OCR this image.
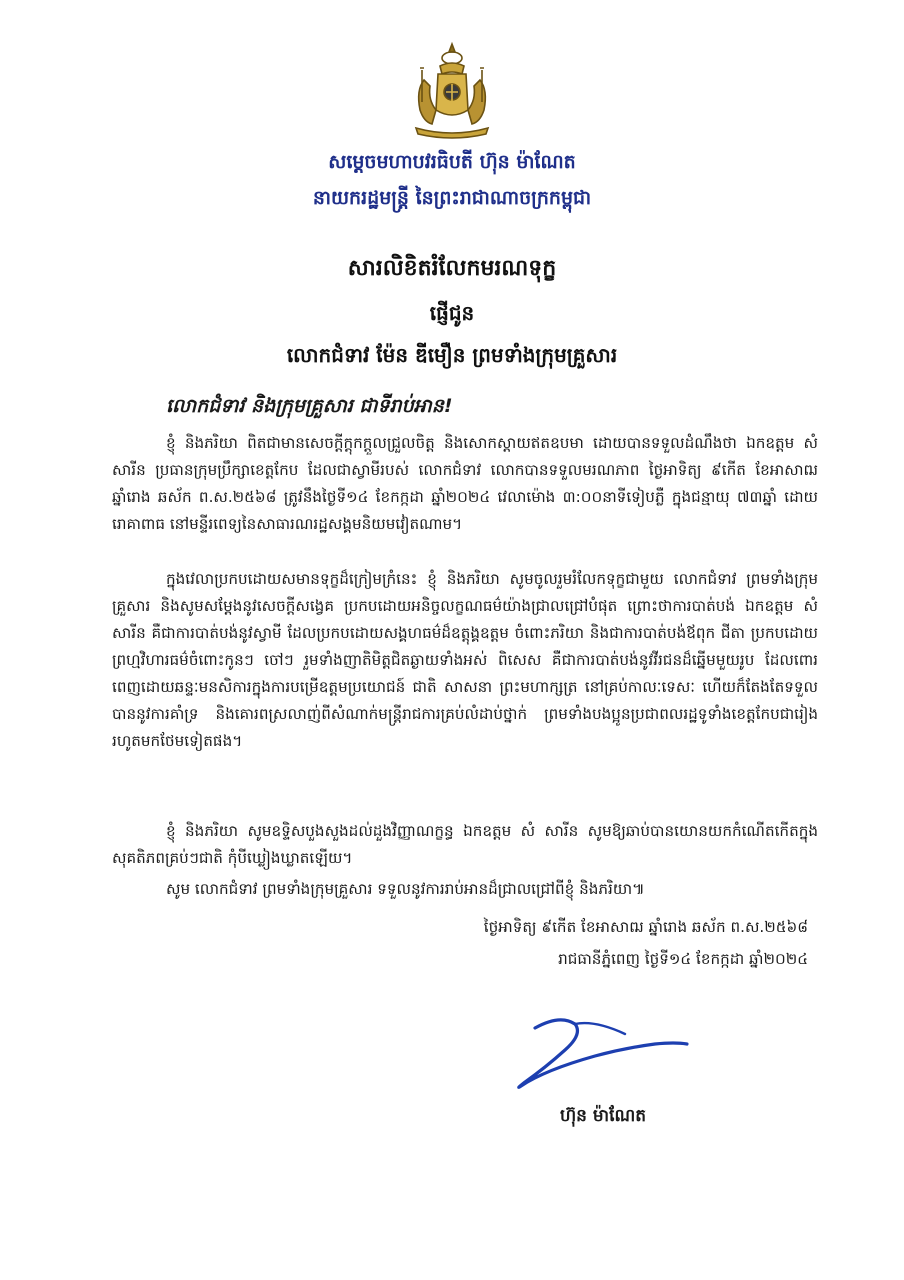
សម្តេចមហាបវរធិបតី ហ៊ុន ម៉ាណែត
នាយករដ្ឋមន្ត្រី នៃព្រះរាជាណាចក្រកម្ពុជា
សារលិខិតរំលែកមរណទុក្ខ
ផ្ញើជូន
លោកជំទាវ ម៉ែន ឌីមឿន ព្រមទាំងក្រុមគ្រួសារ
លោកជំទាវ និងក្រុមគ្រួសារ ជាទីរាប់អាន!

ខ្ញុំ និងភរិយា ពិតជាមានសេចក្តីក្តុកក្តួលជ្រួលចិត្ត និងសោកស្តាយឥតឧបមា ដោយបានទទួលដំណឹងថា ឯកឧត្តម សំ សារីន ប្រធានក្រុមប្រឹក្សាខេត្តកែប ដែលជាស្វាមីរបស់ លោកជំទាវ លោកបានទទួលមរណភាព ថ្ងៃអាទិត្យ ៩កើត ខែអាសាឍ ឆ្នាំរោង ឆស័ក ព.ស.២៥៦៨ ត្រូវនឹងថ្ងៃទី១៤ ខែកក្កដា ឆ្នាំ២០២៤ វេលាម៉ោង ៣:០០នាទីទៀបភ្លឺ ក្នុងជន្មាយុ ៧៣ឆ្នាំ ដោយរោគាពាធ នៅមន្ទីរពេទ្យនៃសាធារណរដ្ឋសង្គមនិយមវៀតណាម។

ក្នុងវេលាប្រកបដោយសមានទុក្ខដ៏ក្រៀមក្រំនេះ ខ្ញុំ និងភរិយា សូមចូលរួមរំលែកទុក្ខជាមួយ លោកជំទាវ ព្រមទាំងក្រុមគ្រួសារ និងសូមសម្តែងនូវសេចក្តីសង្វេគ ប្រកបដោយអនិច្ចលក្ខណធម៌យ៉ាងជ្រាលជ្រៅបំផុត ព្រោះថាការបាត់បង់ ឯកឧត្តម សំ សារីន គឺជាការបាត់បង់នូវស្វាមី ដែលប្រកបដោយសង្គហធម៌ដ៏ឧត្តុង្គឧត្តម ចំពោះភរិយា និងជាការបាត់បង់ឪពុក ជីតា ប្រកបដោយព្រហ្មវិហារធម៌ចំពោះកូនៗ ចៅៗ រួមទាំងញាតិមិត្តជិតឆ្ងាយទាំងអស់ ពិសេស គឺជាការបាត់បង់នូវវីរជនដ៏ឆ្នើមមួយរូប ដែលពោរពេញដោយឆន្ទៈមនសិការក្នុងការបម្រើឧត្តមប្រយោជន៍ ជាតិ សាសនា ព្រះមហាក្សត្រ នៅគ្រប់កាលៈទេសៈ ហើយក៏តែងតែទទួលបាននូវការគាំទ្រ និងគោរពស្រលាញ់ពីសំណាក់មន្ត្រីរាជការគ្រប់លំដាប់ថ្នាក់ ព្រមទាំងបងប្អូនប្រជាពលរដ្ឋទូទាំងខេត្តកែបជារៀងរហូតមកថែមទៀតផង។

ខ្ញុំ និងភរិយា សូមឧទ្ទិសបួងសួងដល់ដួងវិញ្ញាណក្ខន្ធ ឯកឧត្តម សំ សារីន សូមឱ្យឆាប់បានយោនយកកំណើតកើតក្នុងសុគតិភពគ្រប់ៗជាតិ កុំបីឃ្លៀងឃ្លាតឡើយ។

សូម លោកជំទាវ ព្រមទាំងក្រុមគ្រួសារ ទទួលនូវការរាប់អានដ៏ជ្រាលជ្រៅពីខ្ញុំ និងភរិយា៕

ថ្ងៃអាទិត្យ ៩កើត ខែអាសាឍ ឆ្នាំរោង ឆស័ក ព.ស.២៥៦៨
រាជធានីភ្នំពេញ ថ្ងៃទី១៤ ខែកក្កដា ឆ្នាំ២០២៤
ហ៊ុន ម៉ាណែត
